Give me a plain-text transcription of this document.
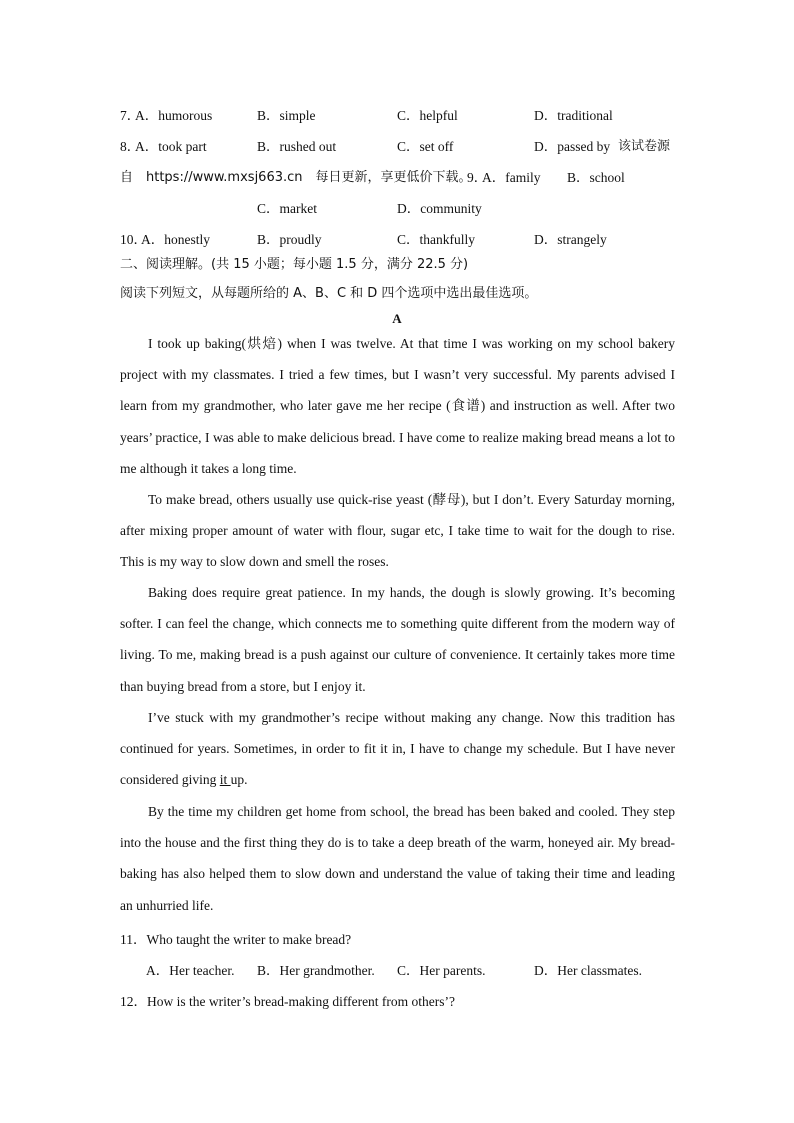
7．
A．humorous	B．simple	C．helpful	D．traditional
8．
A．took part	B．rushed out	C．set off	D．passed by 该试卷源
自　https://www.mxsj663.cn　每日更新，享更低价下载。
9．
A．family B．school
C．market	D．community
10．
A．honestly	B．proudly	C．thankfully	D．strangely
二、阅读理解。(共 15 小题；每小题 1.5 分，满分 22.5 分)
阅读下列短文，从每题所给的 A、B、C 和 D 四个选项中选出最佳选项。
A

I took up baking(烘焙) when I was twelve. At that time I was working on my school bakery project with my classmates. I tried a few times, but I wasn’t very successful. My parents advised I learn from my grandmother, who later gave me her recipe (食谱) and instruction as well. After two years’ practice, I was able to make delicious bread. I have come to realize making bread means a lot to me although it takes a long time.

To make bread, others usually use quick-rise yeast (酵母), but I don’t. Every Saturday morning, after mixing proper amount of water with flour, sugar etc, I take time to wait for the dough to rise. This is my way to slow down and smell the roses.

Baking does require great patience. In my hands, the dough is slowly growing. It’s becoming softer. I can feel the change, which connects me to something quite different from the modern way of living. To me, making bread is a push against our culture of convenience. It certainly takes more time than buying bread from a store, but I enjoy it.

I’ve stuck with my grandmother’s recipe without making any change. Now this tradition has continued for years. Sometimes, in order to fit it in, I have to change my schedule. But I have never considered giving it up.

By the time my children get home from school, the bread has been baked and cooled. They step into the house and the first thing they do is to take a deep breath of the warm, honeyed air. My bread-baking has also helped them to slow down and understand the value of taking their time and leading an unhurried life.

11．Who taught the writer to make bread?
A．Her teacher. B．Her grandmother. C．Her parents.	D．Her classmates.
12．How is the writer’s bread-making different from others’?
